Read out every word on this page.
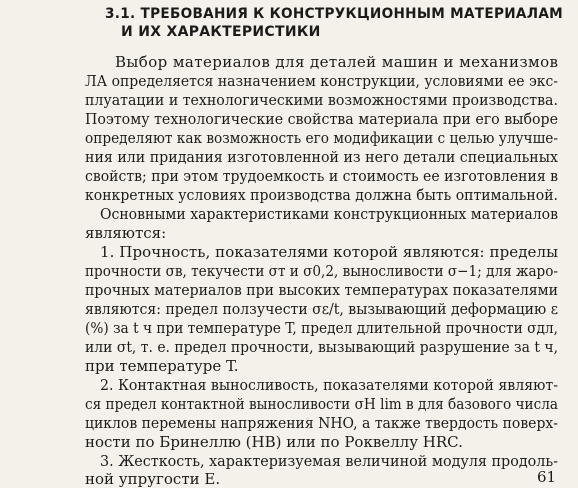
3.1. ТРЕБОВАНИЯ К КОНСТРУКЦИОННЫМ МАТЕРИАЛАМ
И ИХ ХАРАКТЕРИСТИКИ
Выбор материалов для деталей машин и механизмов
ЛА определяется назначением конструкции, условиями ее экс-
плуатации и технологическими возможностями производства.
Поэтому технологические свойства материала при его выборе
определяют как возможность его модификации с целью улучше-
ния или придания изготовленной из него детали специальных
свойств; при этом трудоемкость и стоимость ее изготовления в
конкретных условиях производства должна быть оптимальной.
Основными характеристиками конструкционных материалов
являются:
1. Прочность, показателями которой являются: пределы
прочности σв, текучести σт и σ0,2, выносливости σ−1; для жаро-
прочных материалов при высоких температурах показателями
являются: предел ползучести σε/t, вызывающий деформацию ε
(%) за t ч при температуре T, предел длительной прочности σдл,
или σt, т. е. предел прочности, вызывающий разрушение за t ч,
при температуре T.
2. Контактная выносливость, показателями которой являют-
ся предел контактной выносливости σH lim в для базового числа
циклов перемены напряжения NHO, а также твердость поверх-
ности по Бринеллю (HB) или по Роквеллу HRC.
3. Жесткость, характеризуемая величиной модуля продоль-
ной упругости E.	61
